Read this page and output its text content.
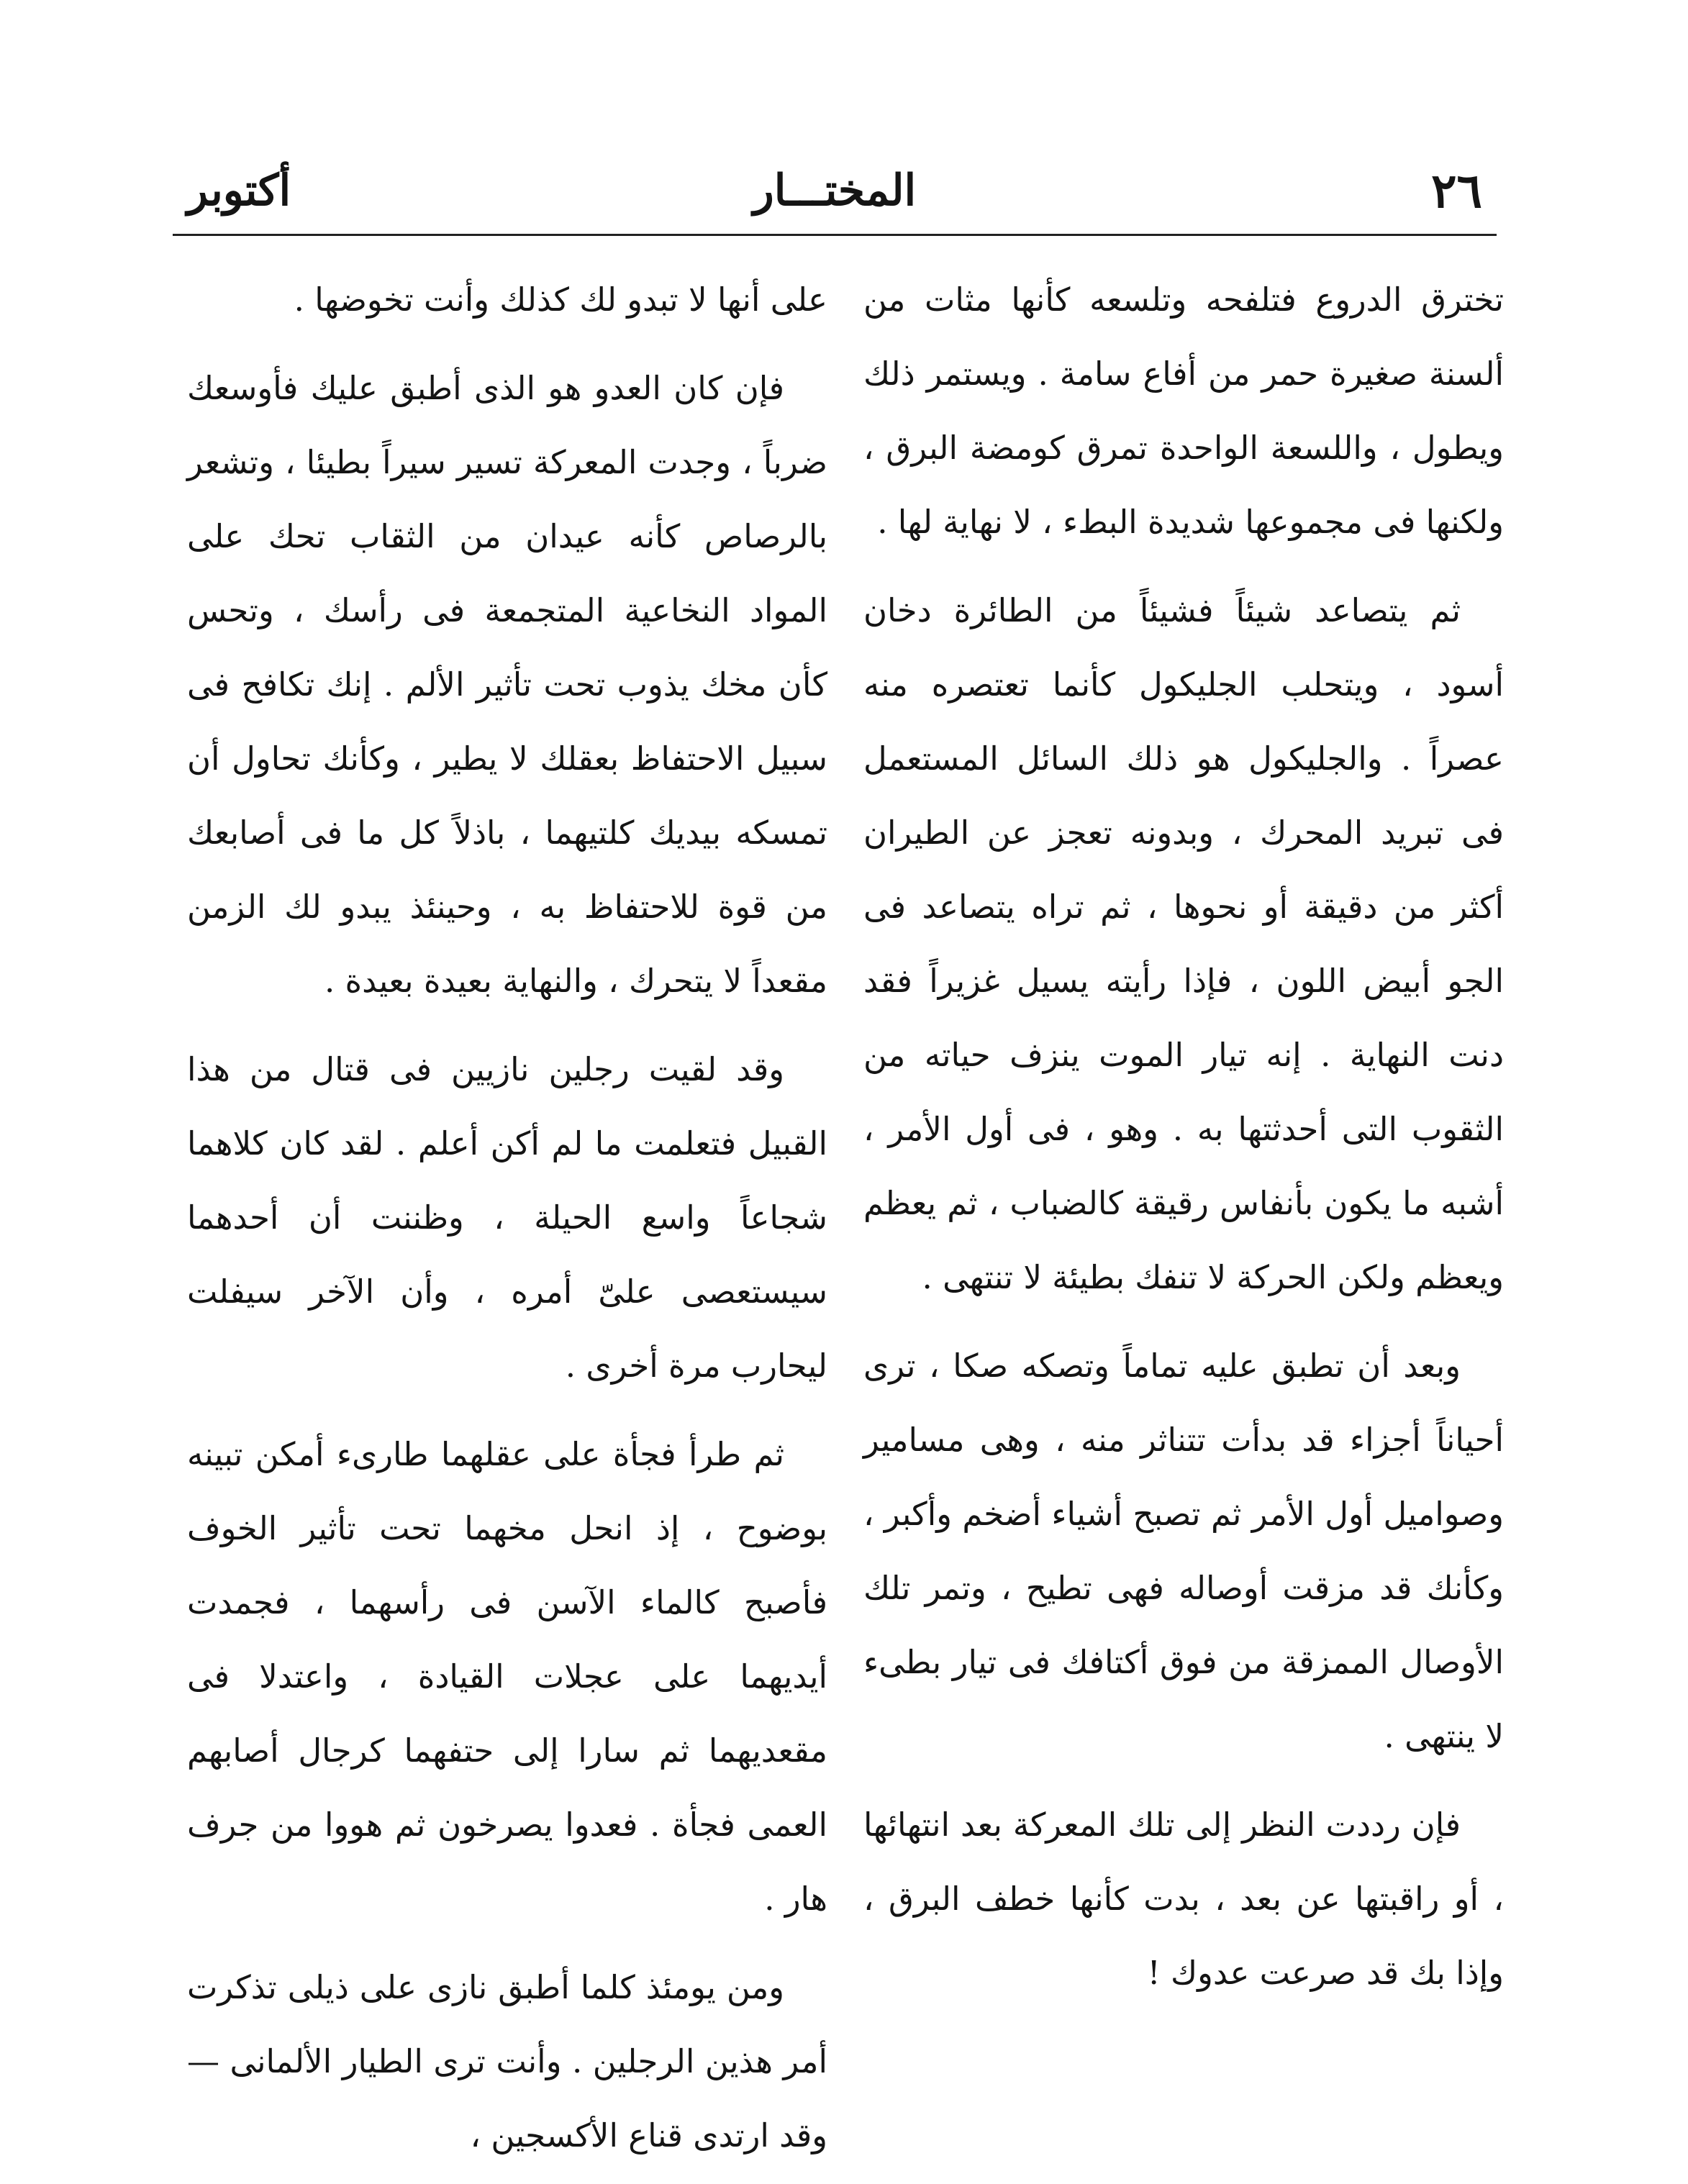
٢٦
المختـــار
أكتوبر

تخترق الدروع فتلفحه وتلسعه كأنها مثات من ألسنة صغيرة حمر من أفاع سامة . ويستمر ذلك ويطول ، واللسعة الواحدة تمرق كومضة البرق ، ولكنها فى مجموعها شديدة البطء ، لا نهاية لها .

ثم يتصاعد شيئاً فشيئاً من الطائرة دخان أسود ، ويتحلب الجليكول كأنما تعتصره منه عصراً . والجليكول هو ذلك السائل المستعمل فى تبريد المحرك ، وبدونه تعجز عن الطيران أكثر من دقيقة أو نحوها ، ثم تراه يتصاعد فى الجو أبيض اللون ، فإذا رأيته يسيل غزيراً فقد دنت النهاية . إنه تيار الموت ينزف حياته من الثقوب التى أحدثتها به . وهو ، فى أول الأمر ، أشبه ما يكون بأنفاس رقيقة كالضباب ، ثم يعظم ويعظم ولكن الحركة لا تنفك بطيئة لا تنتهى .

وبعد أن تطبق عليه تماماً وتصكه صكا ، ترى أحياناً أجزاء قد بدأت تتناثر منه ، وهى مسامير وصواميل أول الأمر ثم تصبح أشياء أضخم وأكبر ، وكأنك قد مزقت أوصاله فهى تطيح ، وتمر تلك الأوصال الممزقة من فوق أكتافك فى تيار بطىء لا ينتهى .

فإن رددت النظر إلى تلك المعركة بعد انتهائها ، أو راقبتها عن بعد ، بدت كأنها خطف البرق ، وإذا بك قد صرعت عدوك !

على أنها لا تبدو لك كذلك وأنت تخوضها .

فإن كان العدو هو الذى أطبق عليك فأوسعك ضرباً ، وجدت المعركة تسير سيراً بطيئا ، وتشعر بالرصاص كأنه عيدان من الثقاب تحك على المواد النخاعية المتجمعة فى رأسك ، وتحس كأن مخك يذوب تحت تأثير الألم . إنك تكافح فى سبيل الاحتفاظ بعقلك لا يطير ، وكأنك تحاول أن تمسكه بيديك كلتيهما ، باذلاً كل ما فى أصابعك من قوة للاحتفاظ به ، وحينئذ يبدو لك الزمن مقعداً لا يتحرك ، والنهاية بعيدة بعيدة .

وقد لقيت رجلين نازيين فى قتال من هذا القبيل فتعلمت ما لم أكن أعلم . لقد كان كلاهما شجاعاً واسع الحيلة ، وظننت أن أحدهما سيستعصى علىّ أمره ، وأن الآخر سيفلت ليحارب مرة أخرى .

ثم طرأ فجأة على عقلهما طارىء أمكن تبينه بوضوح ، إذ انحل مخهما تحت تأثير الخوف فأصبح كالماء الآسن فى رأسهما ، فجمدت أيديهما على عجلات القيادة ، واعتدلا فى مقعديهما ثم سارا إلى حتفهما كرجال أصابهم العمى فجأة . فعدوا يصرخون ثم هووا من جرف هار .

ومن يومئذ كلما أطبق نازى على ذيلى تذكرت أمر هذين الرجلين . وأنت ترى الطيار الألمانى — وقد ارتدى قناع الأكسجين ،
